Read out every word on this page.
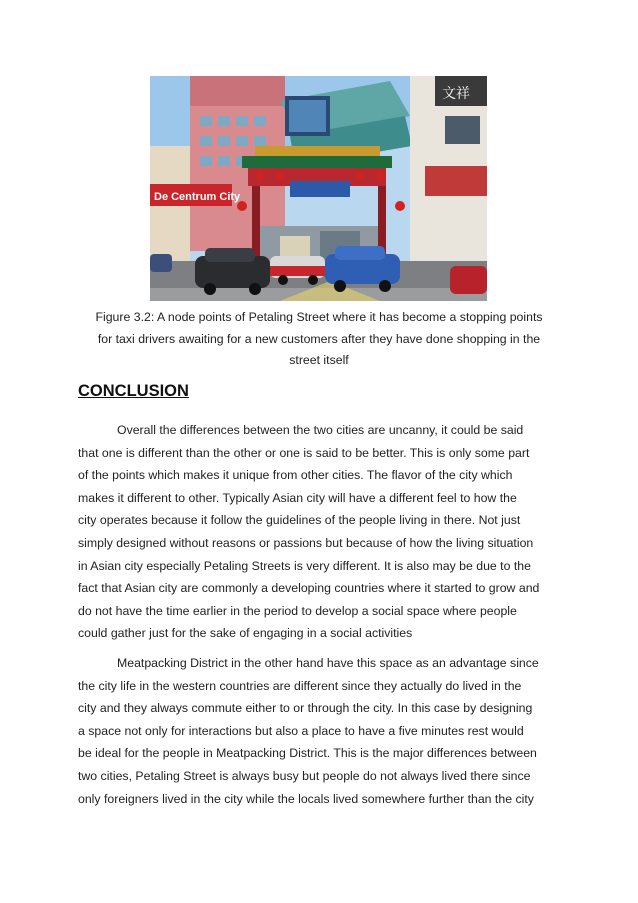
De Centrum City
文祥
Figure 3.2: A node points of Petaling Street where it has become a stopping points
for taxi drivers awaiting for a new customers after they have done shopping in the
street itself
CONCLUSION
Overall the differences between the two cities are uncanny, it could be said
that one is different than the other or one is said to be better. This is only some part
of the points which makes it unique from other cities. The flavor of the city which
makes it different to other. Typically Asian city will have a different feel to how the
city operates because it follow the guidelines of the people living in there. Not just
simply designed without reasons or passions but because of how the living situation
in Asian city especially Petaling Streets is very different. It is also may be due to the
fact that Asian city are commonly a developing countries where it started to grow and
do not have the time earlier in the period to develop a social space where people
could gather just for the sake of engaging in a social activities
Meatpacking District in the other hand have this space as an advantage since
the city life in the western countries are different since they actually do lived in the
city and they always commute either to or through the city. In this case by designing
a space not only for interactions but also a place to have a five minutes rest would
be ideal for the people in Meatpacking District. This is the major differences between
two cities, Petaling Street is always busy but people do not always lived there since
only foreigners lived in the city while the locals lived somewhere further than the city
